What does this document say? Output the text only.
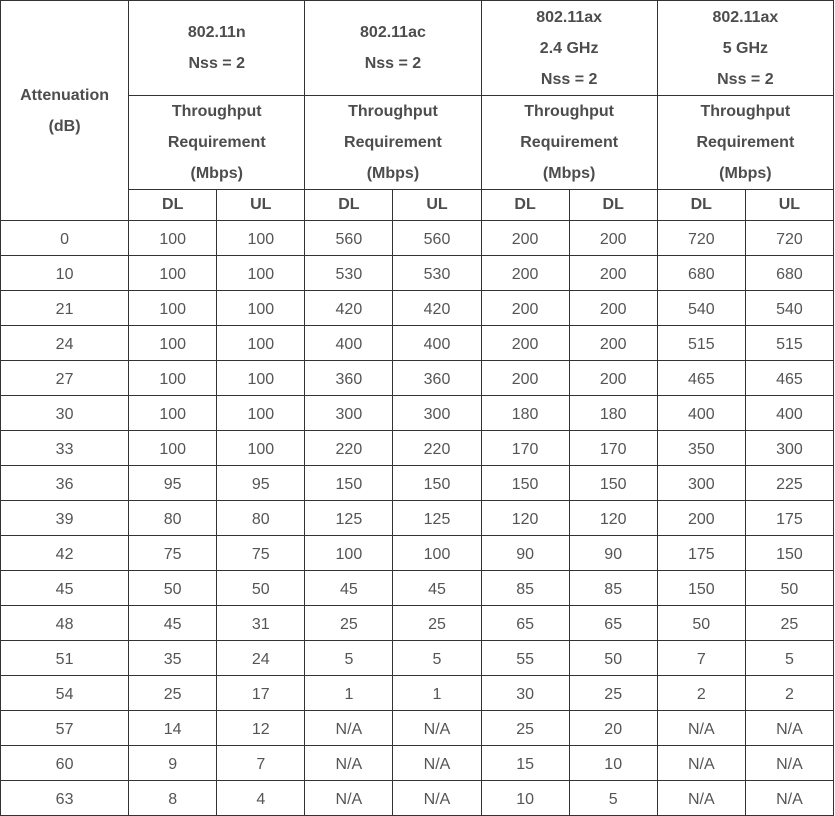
Attenuation
(dB)	802.11n
Nss = 2		802.11ac
Nss = 2		802.11ax
2.4 GHz
Nss = 2		802.11ax
5 GHz
Nss = 2	

	Throughput
Requirement
(Mbps)		Throughput
Requirement
(Mbps)		Throughput
Requirement
(Mbps)		Throughput
Requirement
(Mbps)	

	DL	UL	DL	UL	DL	DL	DL	UL
0	100	100	560	560	200	200	720	720
10	100	100	530	530	200	200	680	680
21	100	100	420	420	200	200	540	540
24	100	100	400	400	200	200	515	515
27	100	100	360	360	200	200	465	465
30	100	100	300	300	180	180	400	400
33	100	100	220	220	170	170	350	300
36	95	95	150	150	150	150	300	225
39	80	80	125	125	120	120	200	175
42	75	75	100	100	90	90	175	150
45	50	50	45	45	85	85	150	50
48	45	31	25	25	65	65	50	25
51	35	24	5	5	55	50	7	5
54	25	17	1	1	30	25	2	2
57	14	12	N/A	N/A	25	20	N/A	N/A
60	9	7	N/A	N/A	15	10	N/A	N/A
63	8	4	N/A	N/A	10	5	N/A	N/A
